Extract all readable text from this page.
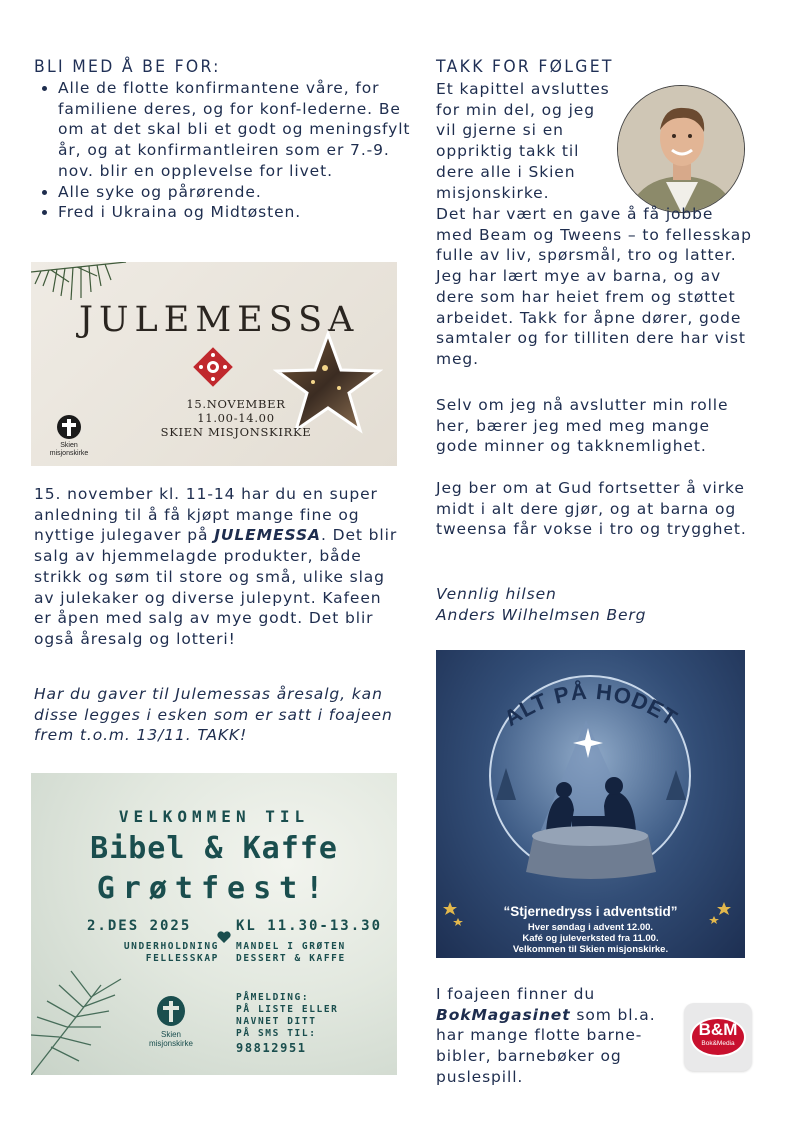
BLI MED Å BE FOR:
• Alle de flotte konfirmantene våre, for familiene deres, og for konf-lederne. Be om at det skal bli et godt og meningsfylt år, og at konfirmantleiren som er 7.-9. nov. blir en opplevelse for livet.
• Alle syke og pårørende.
• Fred i Ukraina og Midtøsten.
JULEMESSA
15.NOVEMBER
11.00-14.00
SKIEN MISJONSKIRKE
Skien
misjonskirke

15. november kl. 11-14 har du en super anledning til å få kjøpt mange fine og nyttige julegaver på JULEMESSA. Det blir salg av hjemmelagde produkter, både strikk og søm til store og små, ulike slag av julekaker og diverse julepynt. Kafeen er åpen med salg av mye godt. Det blir også åresalg og lotteri!

Har du gaver til Julemessas åresalg, kan disse legges i esken som er satt i foajeen frem t.o.m. 13/11. TAKK!

VELKOMMEN TIL
Bibel & Kaffe
Grøtfest!
2.DES 2025	KL 11.30-13.30
UNDERHOLDNING
FELLESSKAP
MANDEL I GRØTEN
DESSERT & KAFFE
PÅMELDING:
PÅ LISTE ELLER
NAVNET DITT
PÅ SMS TIL:
98812951
Skien
misjonskirke
TAKK FOR FØLGET
Et kapittel avsluttes
for min del, og jeg
vil gjerne si en
oppriktig takk til
dere alle i Skien
misjonskirke.

Det har vært en gave å få jobbe med Beam og Tweens – to fellesskap fulle av liv, spørsmål, tro og latter. Jeg har lært mye av barna, og av dere som har heiet frem og støttet arbeidet. Takk for åpne dører, gode samtaler og for tilliten dere har vist meg.

Selv om jeg nå avslutter min rolle her, bærer jeg med meg mange gode minner og takknemlighet.

Jeg ber om at Gud fortsetter å virke midt i alt dere gjør, og at barna og tweensa får vokse i tro og trygghet.

Vennlig hilsen
Anders Wilhelmsen Berg
ALT PÅ HODET
“Stjernedryss i adventstid”
Hver søndag i advent 12.00.
Kafé og juleverksted fra 11.00.
Velkommen til Skien misjonskirke.

I foajeen finner du BokMagasinet som bl.a. har mange flotte barne-bibler, barnebøker og puslespill.

B&M
Bok&Media
